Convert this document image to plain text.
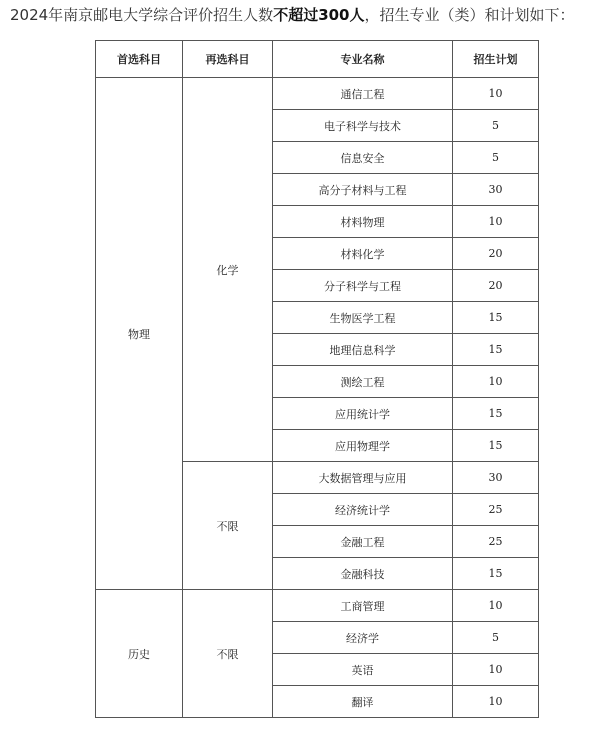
2024年南京邮电大学综合评价招生人数不超过300人，招生专业（类）和计划如下：
首选科目	再选科目	专业名称	招生计划
物理	化学	通信工程	10
		电子科学与技术	5
		信息安全	5
		高分子材料与工程	30
		材料物理	10
		材料化学	20
		分子科学与工程	20
		生物医学工程	15
		地理信息科学	15
		测绘工程	10
		应用统计学	15
		应用物理学	15
	不限	大数据管理与应用	30
		经济统计学	25
		金融工程	25
		金融科技	15
历史	不限	工商管理	10
		经济学	5
		英语	10
		翻译	10
